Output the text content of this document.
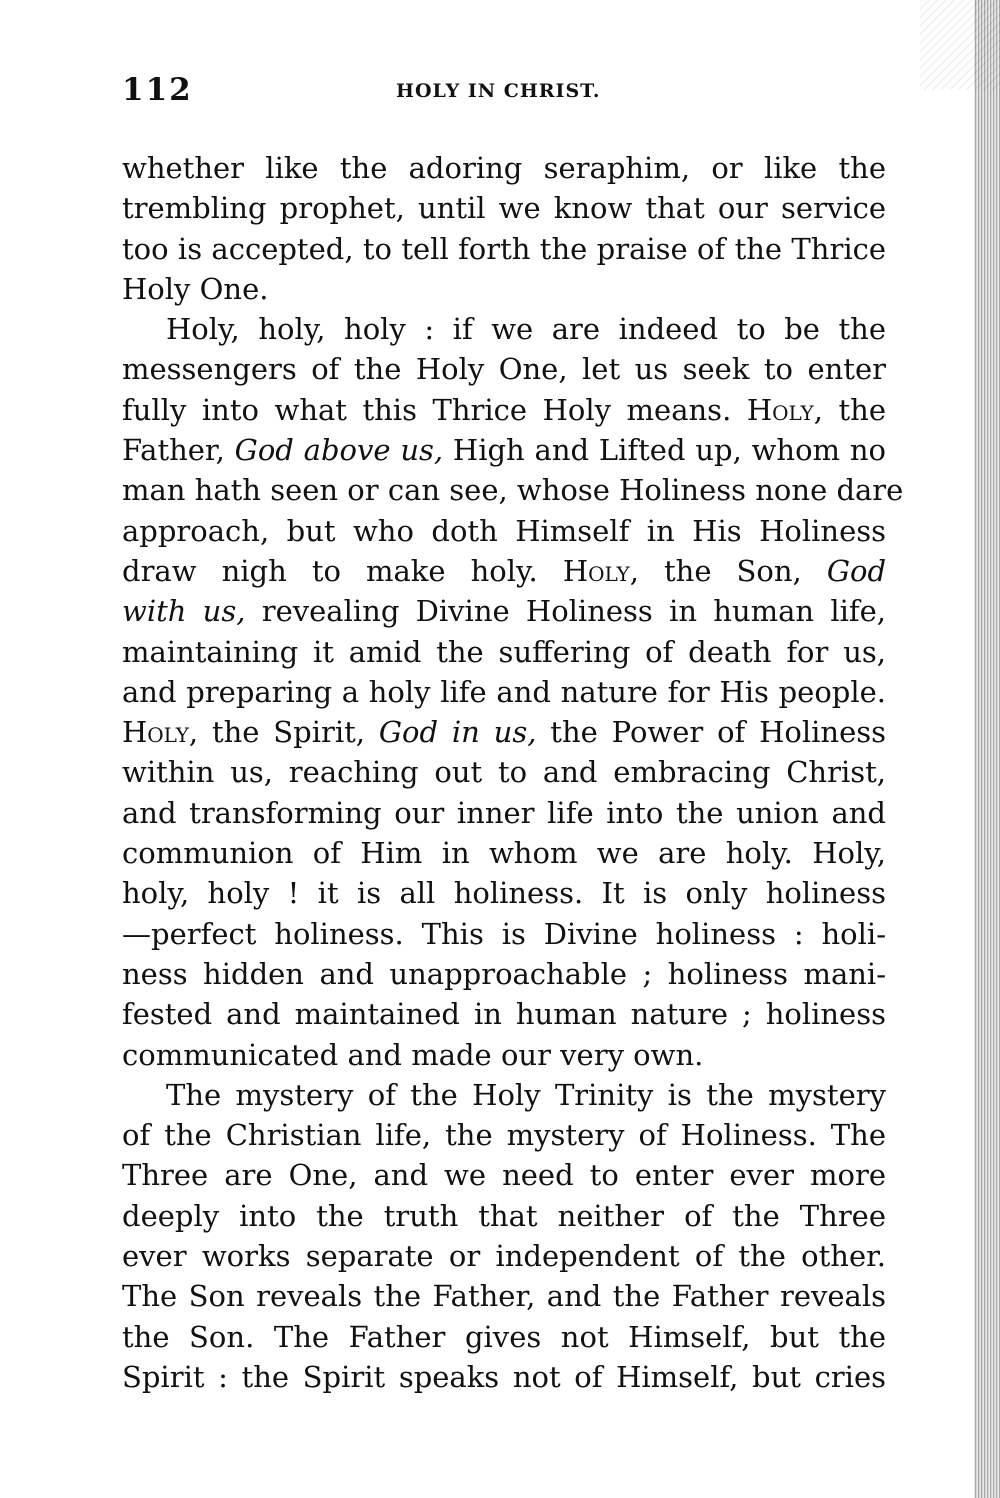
112	HOLY IN CHRIST.
whether like the adoring seraphim, or like the
trembling prophet, until we know that our service
too is accepted, to tell forth the praise of the Thrice
Holy One.
Holy, holy, holy : if we are indeed to be the
messengers of the Holy One, let us seek to enter
fully into what this Thrice Holy means. Holy, the
Father, God above us, High and Lifted up, whom no
man hath seen or can see, whose Holiness none dare
approach, but who doth Himself in His Holiness
draw nigh to make holy. Holy, the Son, God
with us, revealing Divine Holiness in human life,
maintaining it amid the suffering of death for us,
and preparing a holy life and nature for His people.
Holy, the Spirit, God in us, the Power of Holiness
within us, reaching out to and embracing Christ,
and transforming our inner life into the union and
communion of Him in whom we are holy. Holy,
holy, holy ! it is all holiness. It is only holiness
—perfect holiness. This is Divine holiness : holi-
ness hidden and unapproachable ; holiness mani-
fested and maintained in human nature ; holiness
communicated and made our very own.
The mystery of the Holy Trinity is the mystery
of the Christian life, the mystery of Holiness. The
Three are One, and we need to enter ever more
deeply into the truth that neither of the Three
ever works separate or independent of the other.
The Son reveals the Father, and the Father reveals
the Son. The Father gives not Himself, but the
Spirit : the Spirit speaks not of Himself, but cries
